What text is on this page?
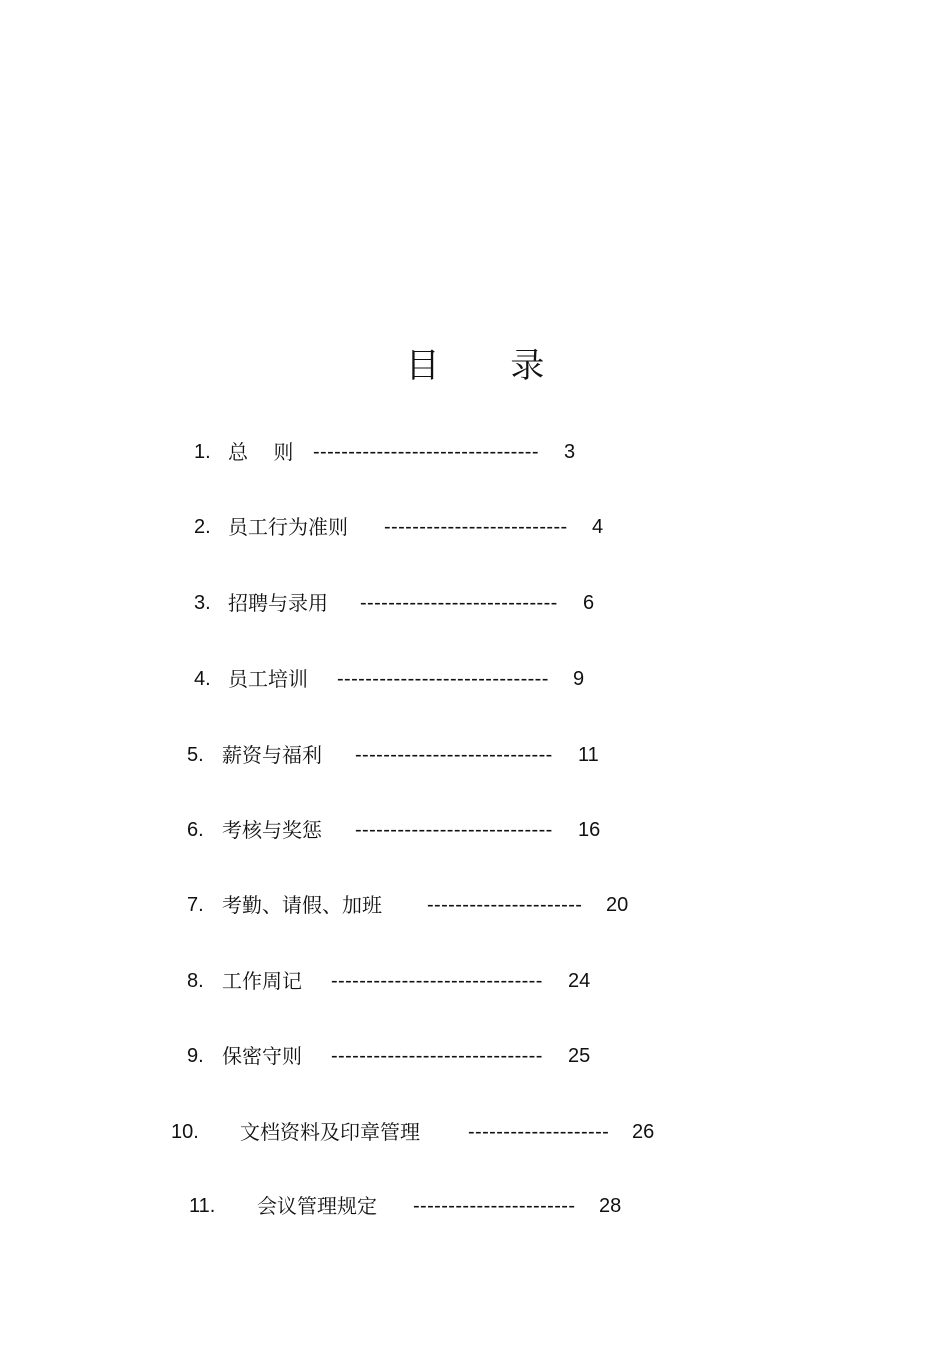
目 录
1. 总    则 -------------------------------- 3
2. 员工行为准则 -------------------------- 4
3. 招聘与录用 ---------------------------- 6
4. 员工培训 ------------------------------ 9
5. 薪资与福利 ---------------------------- 11
6. 考核与奖惩 ---------------------------- 16
7. 考勤、请假、加班 ---------------------- 20
8. 工作周记 ------------------------------ 24
9. 保密守则 ------------------------------ 25
10. 文档资料及印章管理 -------------------- 26
11. 会议管理规定 ----------------------- 28
